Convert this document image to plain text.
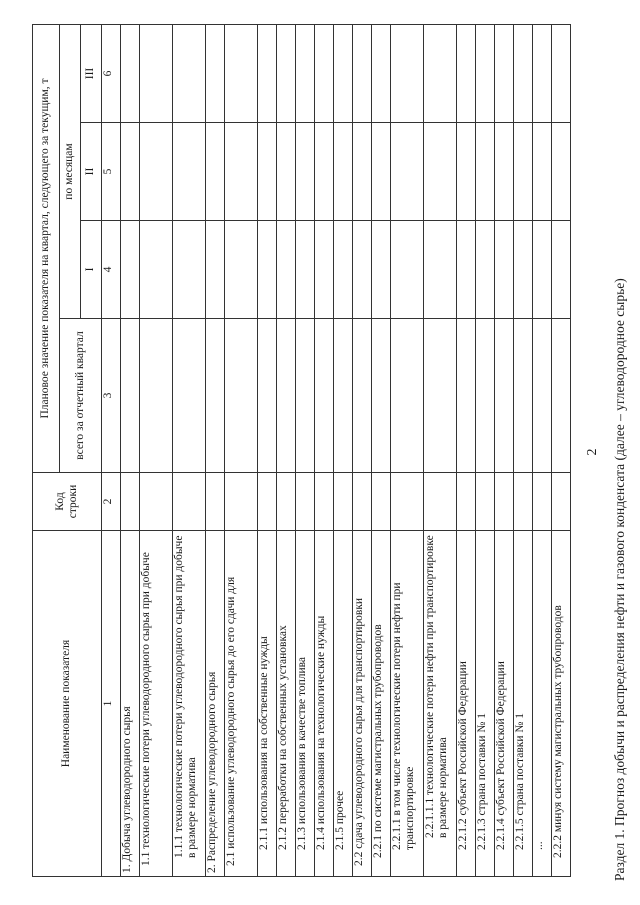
2 Раздел 1. Прогноз добычи и распределения нефти и газового конденсата (далее – углеводородное сырье)
Наименование показателя	Код строки	Плановое значение показателя на квартал, следующего за текущим, т			
		всего за отчетный квартал	по месяцам		
			I	II	III
1	2	3	4	5	6
1. Добыча углеводородного сырья					
1.1 технологические потери углеводородного сырья при добыче					
1.1.1 технологические потери углеводородного сырья при добыче в размере норматива					
2. Распределение углеводородного сырья					
2.1 использование углеводородного сырья до его сдачи для					
2.1.1 использования на собственные нужды					
2.1.2 переработки на собственных установках					
2.1.3 использования в качестве топлива					
2.1.4 использования на технологические нужды					
2.1.5 прочее					
2.2 сдача углеводородного сырья для транспортировки					
2.2.1 по системе магистральных трубопроводов					
2.2.1.1 в том числе технологические потери нефти при транспортировке					
2.2.1.1.1 технологические потери нефти при транспортировке в размере норматива					
2.2.1.2 субъект Российской Федерации					
2.2.1.3 страна поставки № 1					
2.2.1.4 субъект Российской Федерации					
2.2.1.5 страна поставки № 1					
...					
2.2.2 минуя систему магистральных трубопроводов					
